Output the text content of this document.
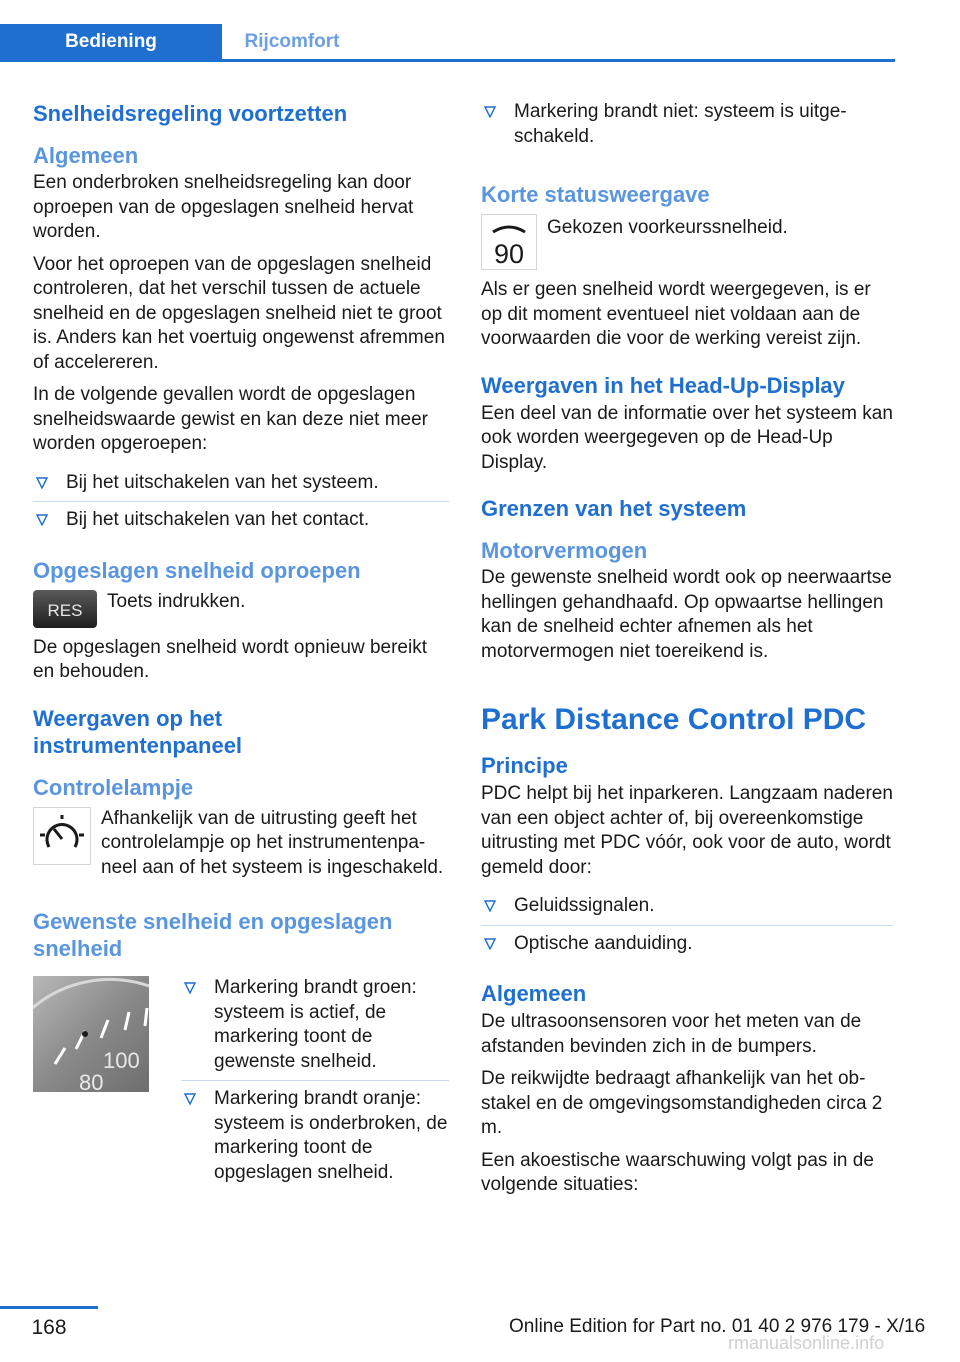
Bediening	Rijcomfort
Snelheidsregeling voortzetten
Algemeen

Een onderbroken snelheidsregeling kan door oproepen van de opgeslagen snelheid hervat worden.

Voor het oproepen van de opgeslagen snelheid controleren, dat het verschil tussen de actuele snelheid en de opgeslagen snelheid niet te groot is. Anders kan het voertuig ongewenst afremmen of accelereren.

In de volgende gevallen wordt de opgeslagen snelheidswaarde gewist en kan deze niet meer worden opgeroepen:

Bij het uitschakelen van het systeem.
Bij het uitschakelen van het contact.
Opgeslagen snelheid oproepen
RES Toets indrukken.

De opgeslagen snelheid wordt opnieuw bereikt en behouden.

Weergaven op het instrumentenpaneel
Controlelampje

Afhankelijk van de uitrusting geeft het controlelampje op het instrumentenpaneel aan of het systeem is ingeschakeld.

Gewenste snelheid en opgeslagen snelheid
100
80
Markering brandt groen: systeem is actief, de markering toont de gewenste snelheid.
Markering brandt oranje: systeem is onderbroken, de markering toont de opgeslagen snelheid.
Markering brandt niet: systeem is uitgeschakeld.
Korte statusweergave
90

Gekozen voorkeurssnelheid.

Als er geen snelheid wordt weergegeven, is er op dit moment eventueel niet voldaan aan de voorwaarden die voor de werking vereist zijn.

Weergaven in het Head-Up-Display

Een deel van de informatie over het systeem kan ook worden weergegeven op de Head-Up Display.

Grenzen van het systeem
Motorvermogen

De gewenste snelheid wordt ook op neerwaartse hellingen gehandhaafd. Op opwaartse hellingen kan de snelheid echter afnemen als het motorvermogen niet toereikend is.

Park Distance Control PDC
Principe

PDC helpt bij het inparkeren. Langzaam naderen van een object achter of, bij overeenkomstige uitrusting met PDC vóór, ook voor de auto, wordt gemeld door:

Geluidssignalen.
Optische aanduiding.
Algemeen

De ultrasoonsensoren voor het meten van de afstanden bevinden zich in de bumpers.

De reikwijdte bedraagt afhankelijk van het obstakel en de omgevingsomstandigheden circa 2 m.

Een akoestische waarschuwing volgt pas in de volgende situaties:

168	Online Edition for Part no. 01 40 2 976 179 - X/16
rmanualsonline.info
